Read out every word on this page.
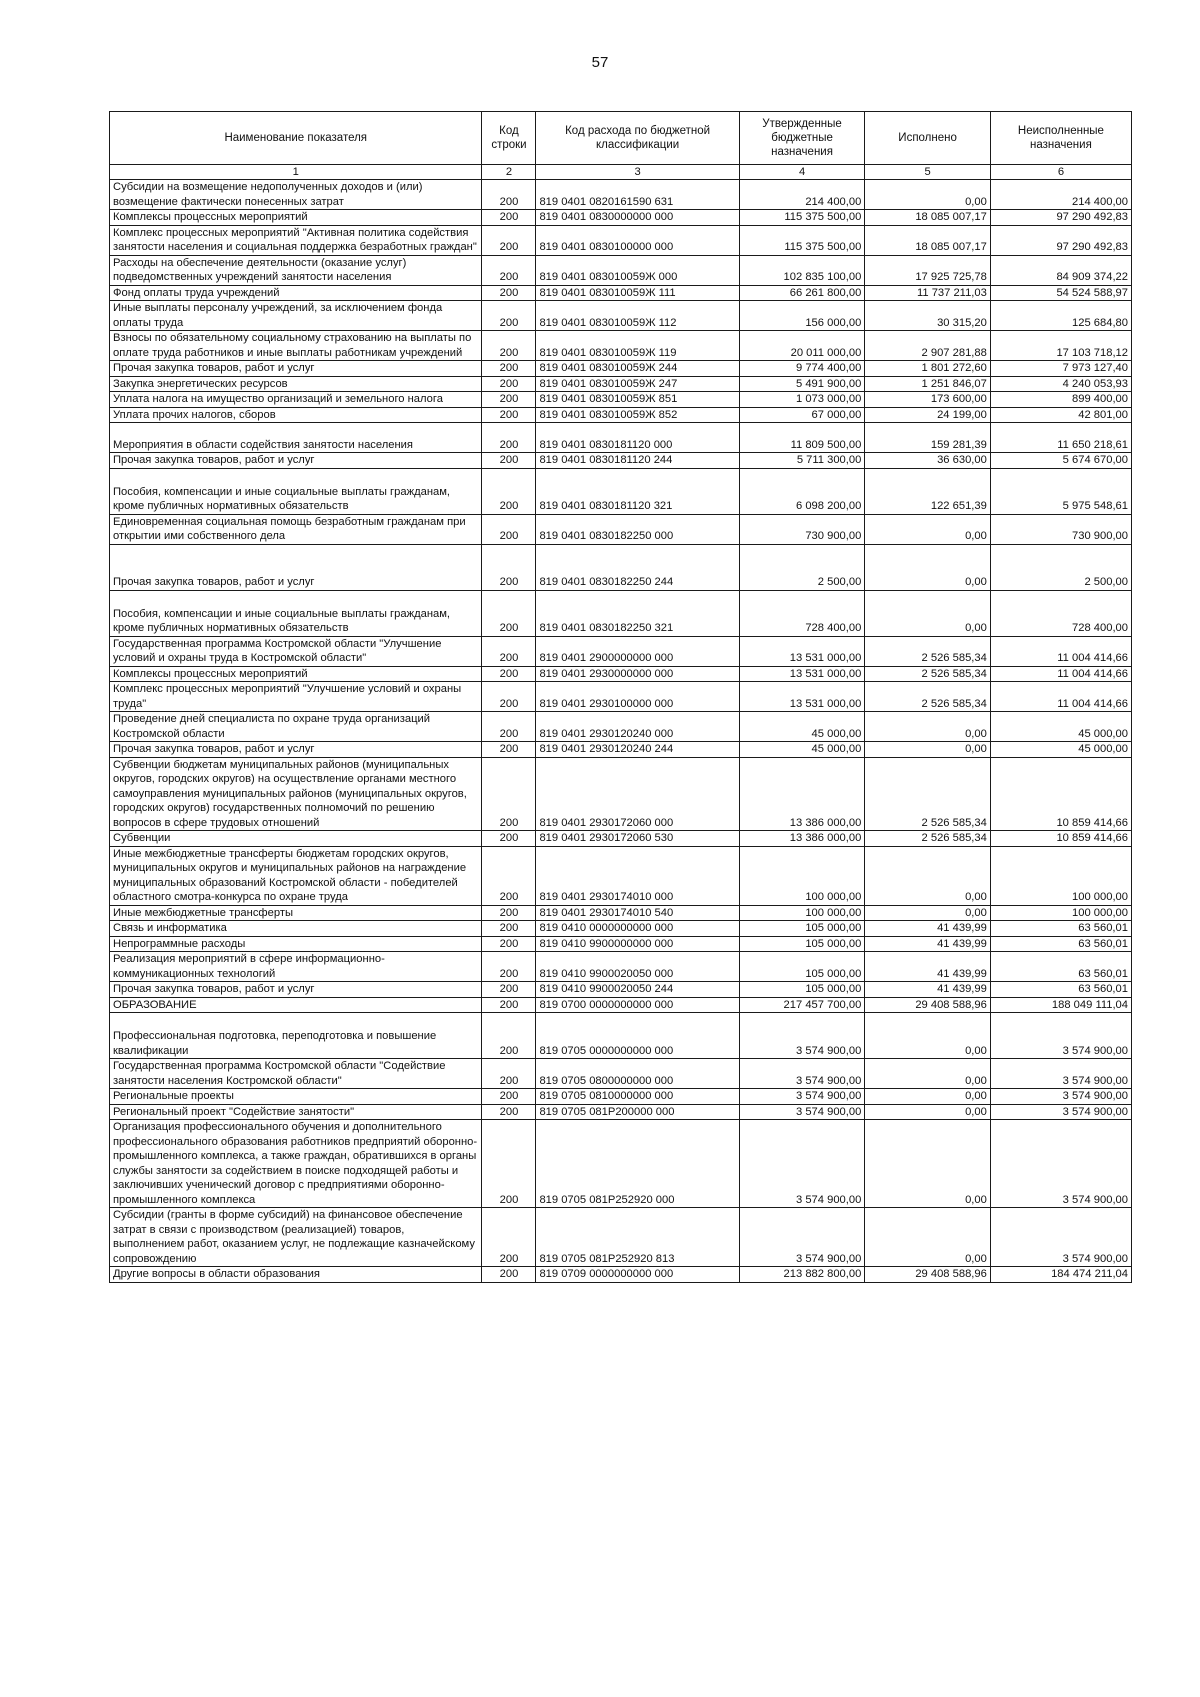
57
Наименование показателя	Код строки	Код расхода по бюджетной классификации	Утвержденные бюджетные назначения	Исполнено	Неисполненные назначения
1	2	3	4	5	6
Субсидии на возмещение недополученных доходов и (или) возмещение фактически понесенных затрат	200	819 0401 0820161590 631	214 400,00	0,00	214 400,00
Комплексы процессных мероприятий	200	819 0401 0830000000 000	115 375 500,00	18 085 007,17	97 290 492,83
Комплекс процессных мероприятий "Активная политика содействия занятости населения и социальная поддержка безработных граждан"	200	819 0401 0830100000 000	115 375 500,00	18 085 007,17	97 290 492,83
Расходы на обеспечение деятельности (оказание услуг) подведомственных учреждений занятости населения	200	819 0401 083010059Ж 000	102 835 100,00	17 925 725,78	84 909 374,22
Фонд оплаты труда учреждений	200	819 0401 083010059Ж 111	66 261 800,00	11 737 211,03	54 524 588,97
Иные выплаты персоналу учреждений, за исключением фонда оплаты труда	200	819 0401 083010059Ж 112	156 000,00	30 315,20	125 684,80
Взносы по обязательному социальному страхованию на выплаты по оплате труда работников и иные выплаты работникам учреждений	200	819 0401 083010059Ж 119	20 011 000,00	2 907 281,88	17 103 718,12
Прочая закупка товаров, работ и услуг	200	819 0401 083010059Ж 244	9 774 400,00	1 801 272,60	7 973 127,40
Закупка энергетических ресурсов	200	819 0401 083010059Ж 247	5 491 900,00	1 251 846,07	4 240 053,93
Уплата налога на имущество организаций и земельного налога	200	819 0401 083010059Ж 851	1 073 000,00	173 600,00	899 400,00
Уплата прочих налогов, сборов	200	819 0401 083010059Ж 852	67 000,00	24 199,00	42 801,00
Мероприятия в области содействия занятости населения	200	819 0401 0830181120 000	11 809 500,00	159 281,39	11 650 218,61
Прочая закупка товаров, работ и услуг	200	819 0401 0830181120 244	5 711 300,00	36 630,00	5 674 670,00
Пособия, компенсации и иные социальные выплаты гражданам, кроме публичных нормативных обязательств	200	819 0401 0830181120 321	6 098 200,00	122 651,39	5 975 548,61
Единовременная социальная помощь безработным гражданам при открытии ими собственного дела	200	819 0401 0830182250 000	730 900,00	0,00	730 900,00
Прочая закупка товаров, работ и услуг	200	819 0401 0830182250 244	2 500,00	0,00	2 500,00
Пособия, компенсации и иные социальные выплаты гражданам, кроме публичных нормативных обязательств	200	819 0401 0830182250 321	728 400,00	0,00	728 400,00
Государственная программа Костромской области "Улучшение условий и охраны труда в Костромской области"	200	819 0401 2900000000 000	13 531 000,00	2 526 585,34	11 004 414,66
Комплексы процессных мероприятий	200	819 0401 2930000000 000	13 531 000,00	2 526 585,34	11 004 414,66
Комплекс процессных мероприятий "Улучшение условий и охраны труда"	200	819 0401 2930100000 000	13 531 000,00	2 526 585,34	11 004 414,66
Проведение дней специалиста по охране труда организаций Костромской области	200	819 0401 2930120240 000	45 000,00	0,00	45 000,00
Прочая закупка товаров, работ и услуг	200	819 0401 2930120240 244	45 000,00	0,00	45 000,00
Субвенции бюджетам муниципальных районов (муниципальных округов, городских округов) на осуществление органами местного самоуправления муниципальных районов (муниципальных округов, городских округов) государственных полномочий по решению вопросов в сфере трудовых отношений	200	819 0401 2930172060 000	13 386 000,00	2 526 585,34	10 859 414,66
Субвенции	200	819 0401 2930172060 530	13 386 000,00	2 526 585,34	10 859 414,66
Иные межбюджетные трансферты бюджетам городских округов, муниципальных округов и муниципальных районов на награждение муниципальных образований Костромской области - победителей областного смотра-конкурса по охране труда	200	819 0401 2930174010 000	100 000,00	0,00	100 000,00
Иные межбюджетные трансферты	200	819 0401 2930174010 540	100 000,00	0,00	100 000,00
Связь и информатика	200	819 0410 0000000000 000	105 000,00	41 439,99	63 560,01
Непрограммные расходы	200	819 0410 9900000000 000	105 000,00	41 439,99	63 560,01
Реализация мероприятий в сфере информационно-коммуникационных технологий	200	819 0410 9900020050 000	105 000,00	41 439,99	63 560,01
Прочая закупка товаров, работ и услуг	200	819 0410 9900020050 244	105 000,00	41 439,99	63 560,01
ОБРАЗОВАНИЕ	200	819 0700 0000000000 000	217 457 700,00	29 408 588,96	188 049 111,04
Профессиональная подготовка, переподготовка и повышение квалификации	200	819 0705 0000000000 000	3 574 900,00	0,00	3 574 900,00
Государственная программа Костромской области "Содействие занятости населения Костромской области"	200	819 0705 0800000000 000	3 574 900,00	0,00	3 574 900,00
Региональные проекты	200	819 0705 0810000000 000	3 574 900,00	0,00	3 574 900,00
Региональный проект "Содействие занятости"	200	819 0705 081Р200000 000	3 574 900,00	0,00	3 574 900,00
Организация профессионального обучения и дополнительного профессионального образования работников предприятий оборонно-промышленного комплекса, а также граждан, обратившихся в органы службы занятости за содействием в поиске подходящей работы и заключивших ученический договор с предприятиями оборонно-промышленного комплекса	200	819 0705 081Р252920 000	3 574 900,00	0,00	3 574 900,00
Субсидии (гранты в форме субсидий) на финансовое обеспечение затрат в связи с производством (реализацией) товаров, выполнением работ, оказанием услуг, не подлежащие казначейскому сопровождению	200	819 0705 081Р252920 813	3 574 900,00	0,00	3 574 900,00
Другие вопросы в области образования	200	819 0709 0000000000 000	213 882 800,00	29 408 588,96	184 474 211,04
